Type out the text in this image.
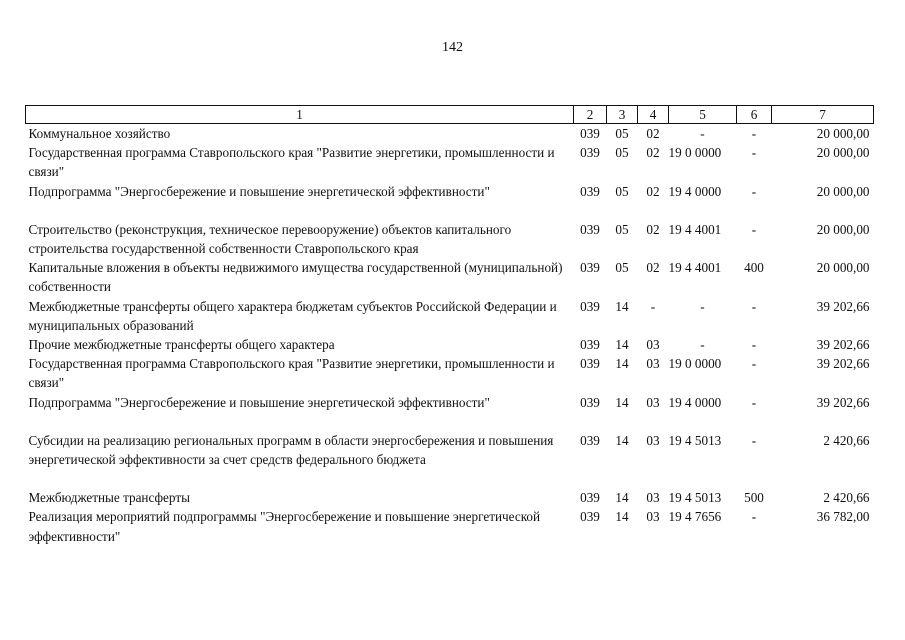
142
1	2	3	4	5	6	7
Коммунальное хозяйство	039	05	02	-	-	20 000,00
Государственная программа Ставропольского края "Развитие энергетики, промышленности и связи"	039	05	02	19 0 0000	-	20 000,00
Подпрограмма "Энергосбережение и повышение энергетической эффективности"	039	05	02	19 4 0000	-	20 000,00
Строительство (реконструкция, техническое перевооружение) объектов капитального строительства государственной собственности Ставропольского края	039	05	02	19 4 4001	-	20 000,00
Капитальные вложения в объекты недвижимого имущества государственной (муниципальной) собственности	039	05	02	19 4 4001	400	20 000,00
Межбюджетные трансферты общего характера бюджетам субъектов Российской Федерации и муниципальных образований	039	14	-	-	-	39 202,66
Прочие межбюджетные трансферты общего характера	039	14	03	-	-	39 202,66
Государственная программа Ставропольского края "Развитие энергетики, промышленности и связи"	039	14	03	19 0 0000	-	39 202,66
Подпрограмма "Энергосбережение и повышение энергетической эффективности"	039	14	03	19 4 0000	-	39 202,66
Субсидии на реализацию региональных программ в области энергосбережения и повышения энергетической эффективности за счет средств федерального бюджета	039	14	03	19 4 5013	-	2 420,66
Межбюджетные трансферты	039	14	03	19 4 5013	500	2 420,66
Реализация мероприятий подпрограммы "Энергосбережение и повышение энергетической эффективности"	039	14	03	19 4 7656	-	36 782,00
